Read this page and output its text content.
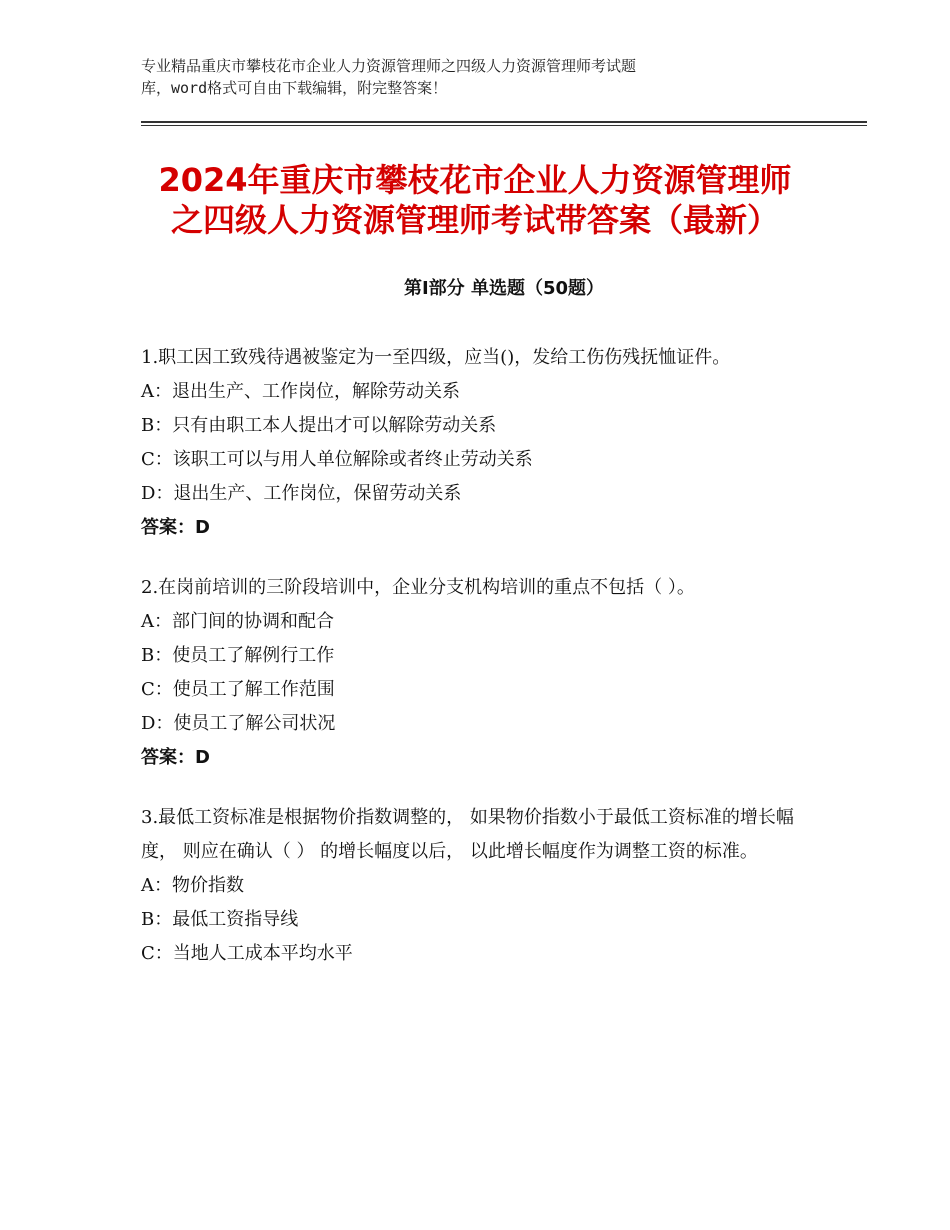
专业精品重庆市攀枝花市企业人力资源管理师之四级人力资源管理师考试题
库，word格式可自由下载编辑，附完整答案！
2024年重庆市攀枝花市企业人力资源管理师
之四级人力资源管理师考试带答案（最新）
第Ⅰ部分 单选题（50题）

1.职工因工致残待遇被鉴定为一至四级，应当()，发给工伤伤残抚恤证件。

A：退出生产、工作岗位，解除劳动关系

B：只有由职工本人提出才可以解除劳动关系

C：该职工可以与用人单位解除或者终止劳动关系

D：退出生产、工作岗位，保留劳动关系

答案：D

2.在岗前培训的三阶段培训中，企业分支机构培训的重点不包括（ ）。

A：部门间的协调和配合

B：使员工了解例行工作

C：使员工了解工作范围

D：使员工了解公司状况

答案：D

3.最低工资标准是根据物价指数调整的， 如果物价指数小于最低工资标准的增长幅度， 则应在确认（ ） 的增长幅度以后， 以此增长幅度作为调整工资的标准。

A：物价指数

B：最低工资指导线

C：当地人工成本平均水平
